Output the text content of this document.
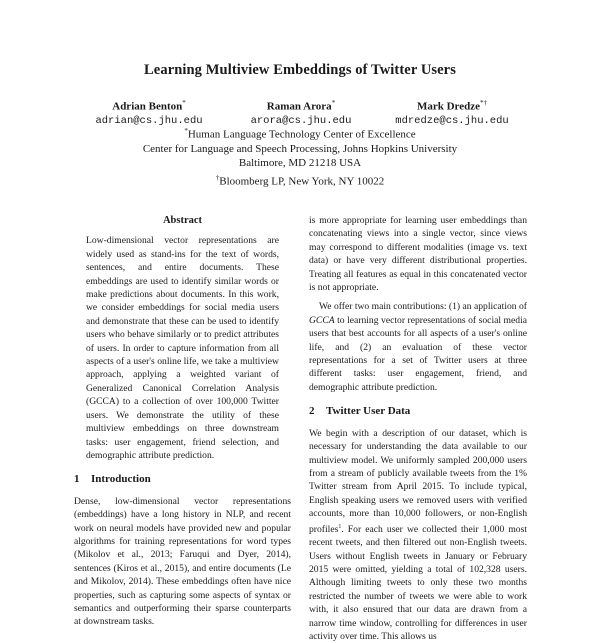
Learning Multiview Embeddings of Twitter Users
Adrian Benton*
adrian@cs.jhu.edu
Raman Arora*
arora@cs.jhu.edu
Mark Dredze*†
mdredze@cs.jhu.edu
*Human Language Technology Center of Excellence
Center for Language and Speech Processing, Johns Hopkins University
Baltimore, MD 21218 USA
†Bloomberg LP, New York, NY 10022
Abstract

Low-dimensional vector representations are widely used as stand-ins for the text of words, sentences, and entire documents. These embeddings are used to identify similar words or make predictions about documents. In this work, we consider embeddings for social media users and demonstrate that these can be used to identify users who behave similarly or to predict attributes of users. In order to capture information from all aspects of a user's online life, we take a multiview approach, applying a weighted variant of Generalized Canonical Correlation Analysis (GCCA) to a collection of over 100,000 Twitter users. We demonstrate the utility of these multiview embeddings on three downstream tasks: user engagement, friend selection, and demographic attribute prediction.

1 Introduction

Dense, low-dimensional vector representations (embeddings) have a long history in NLP, and recent work on neural models have provided new and popular algorithms for training representations for word types (Mikolov et al., 2013; Faruqui and Dyer, 2014), sentences (Kiros et al., 2015), and entire documents (Le and Mikolov, 2014). These embeddings often have nice properties, such as capturing some aspects of syntax or semantics and outperforming their sparse counterparts at downstream tasks.

is more appropriate for learning user embeddings than concatenating views into a single vector, since views may correspond to different modalities (image vs. text data) or have very different distributional properties. Treating all features as equal in this concatenated vector is not appropriate.

We offer two main contributions: (1) an application of GCCA to learning vector representations of social media users that best accounts for all aspects of a user's online life, and (2) an evaluation of these vector representations for a set of Twitter users at three different tasks: user engagement, friend, and demographic attribute prediction.

2 Twitter User Data

We begin with a description of our dataset, which is necessary for understanding the data available to our multiview model. We uniformly sampled 200,000 users from a stream of publicly available tweets from the 1% Twitter stream from April 2015. To include typical, English speaking users we removed users with verified accounts, more than 10,000 followers, or non-English profiles$^1$. For each user we collected their 1,000 most recent tweets, and then filtered out non-English tweets. Users without English tweets in January or February 2015 were omitted, yielding a total of 102,328 users. Although limiting tweets to only these two months restricted the number of tweets we were able to work with, it also ensured that our data are drawn from a narrow time window, controlling for differences in user activity over time. This allows us
